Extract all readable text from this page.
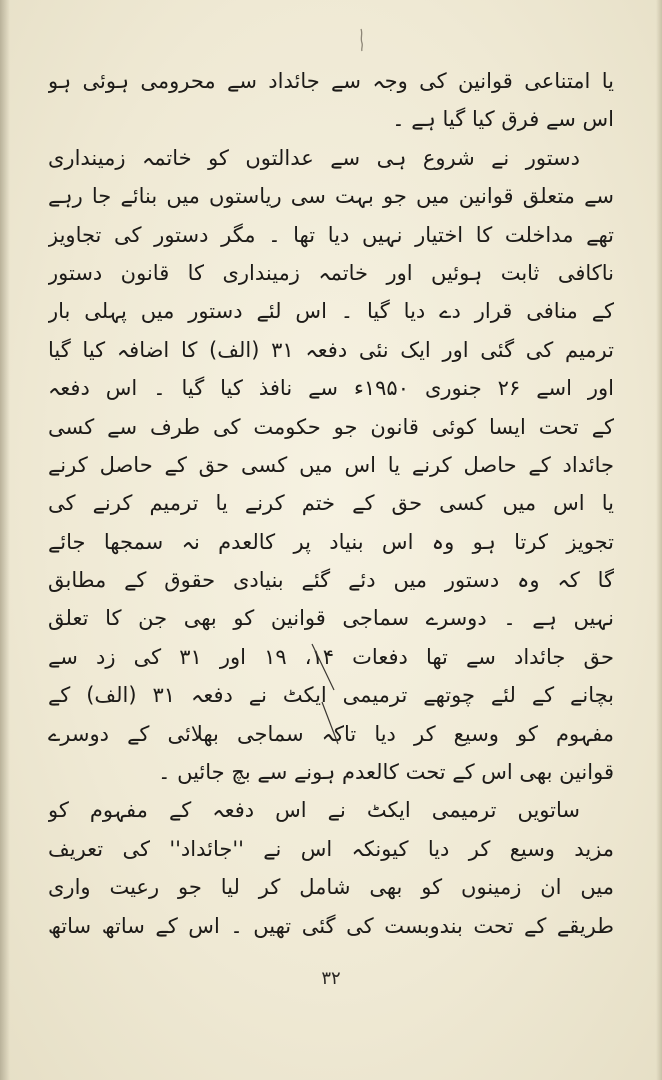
یا امتناعی قوانین کی وجہ سے جائداد سے محرومی ہوئی ہو
اس سے فرق کیا گیا ہے ۔
دستور نے شروع ہی سے عدالتوں کو خاتمہ زمینداری
سے متعلق قوانین میں جو بہت سی ریاستوں میں بنائے جا رہے
تھے مداخلت کا اختیار نہیں دیا تھا ۔ مگر دستور کی تجاویز
ناکافی ثابت ہوئیں اور خاتمہ زمینداری کا قانون دستور
کے منافی قرار دے دیا گیا ۔ اس لئے دستور میں پہلی بار
ترمیم کی گئی اور ایک نئی دفعہ ۳۱ (الف) کا اضافہ کیا گیا
اور اسے ۲۶ جنوری ۱۹۵۰ء سے نافذ کیا گیا ۔ اس دفعہ
کے تحت ایسا کوئی قانون جو حکومت کی طرف سے کسی
جائداد کے حاصل کرنے یا اس میں کسی حق کے حاصل کرنے
یا اس میں کسی حق کے ختم کرنے یا ترمیم کرنے کی
تجویز کرتا ہو وہ اس بنیاد پر کالعدم نہ سمجھا جائے
گا کہ وہ دستور میں دئے گئے بنیادی حقوق کے مطابق
نہیں ہے ۔ دوسرے سماجی قوانین کو بھی جن کا تعلق
حق جائداد سے تھا دفعات ۱۴، ۱۹ اور ۳۱ کی زد سے
بچانے کے لئے چوتھے ترمیمی ایکٹ نے دفعہ ۳۱ (الف) کے
مفہوم کو وسیع کر دیا تاکہ سماجی بھلائی کے دوسرے
قوانین بھی اس کے تحت کالعدم ہونے سے بچ جائیں ۔
ساتویں ترمیمی ایکٹ نے اس دفعہ کے مفہوم کو
مزید وسیع کر دیا کیونکہ اس نے ''جائداد'' کی تعریف
میں ان زمینوں کو بھی شامل کر لیا جو رعیت واری
طریقے کے تحت بندوبست کی گئی تھیں ۔ اس کے ساتھ ساتھ
۳۲
